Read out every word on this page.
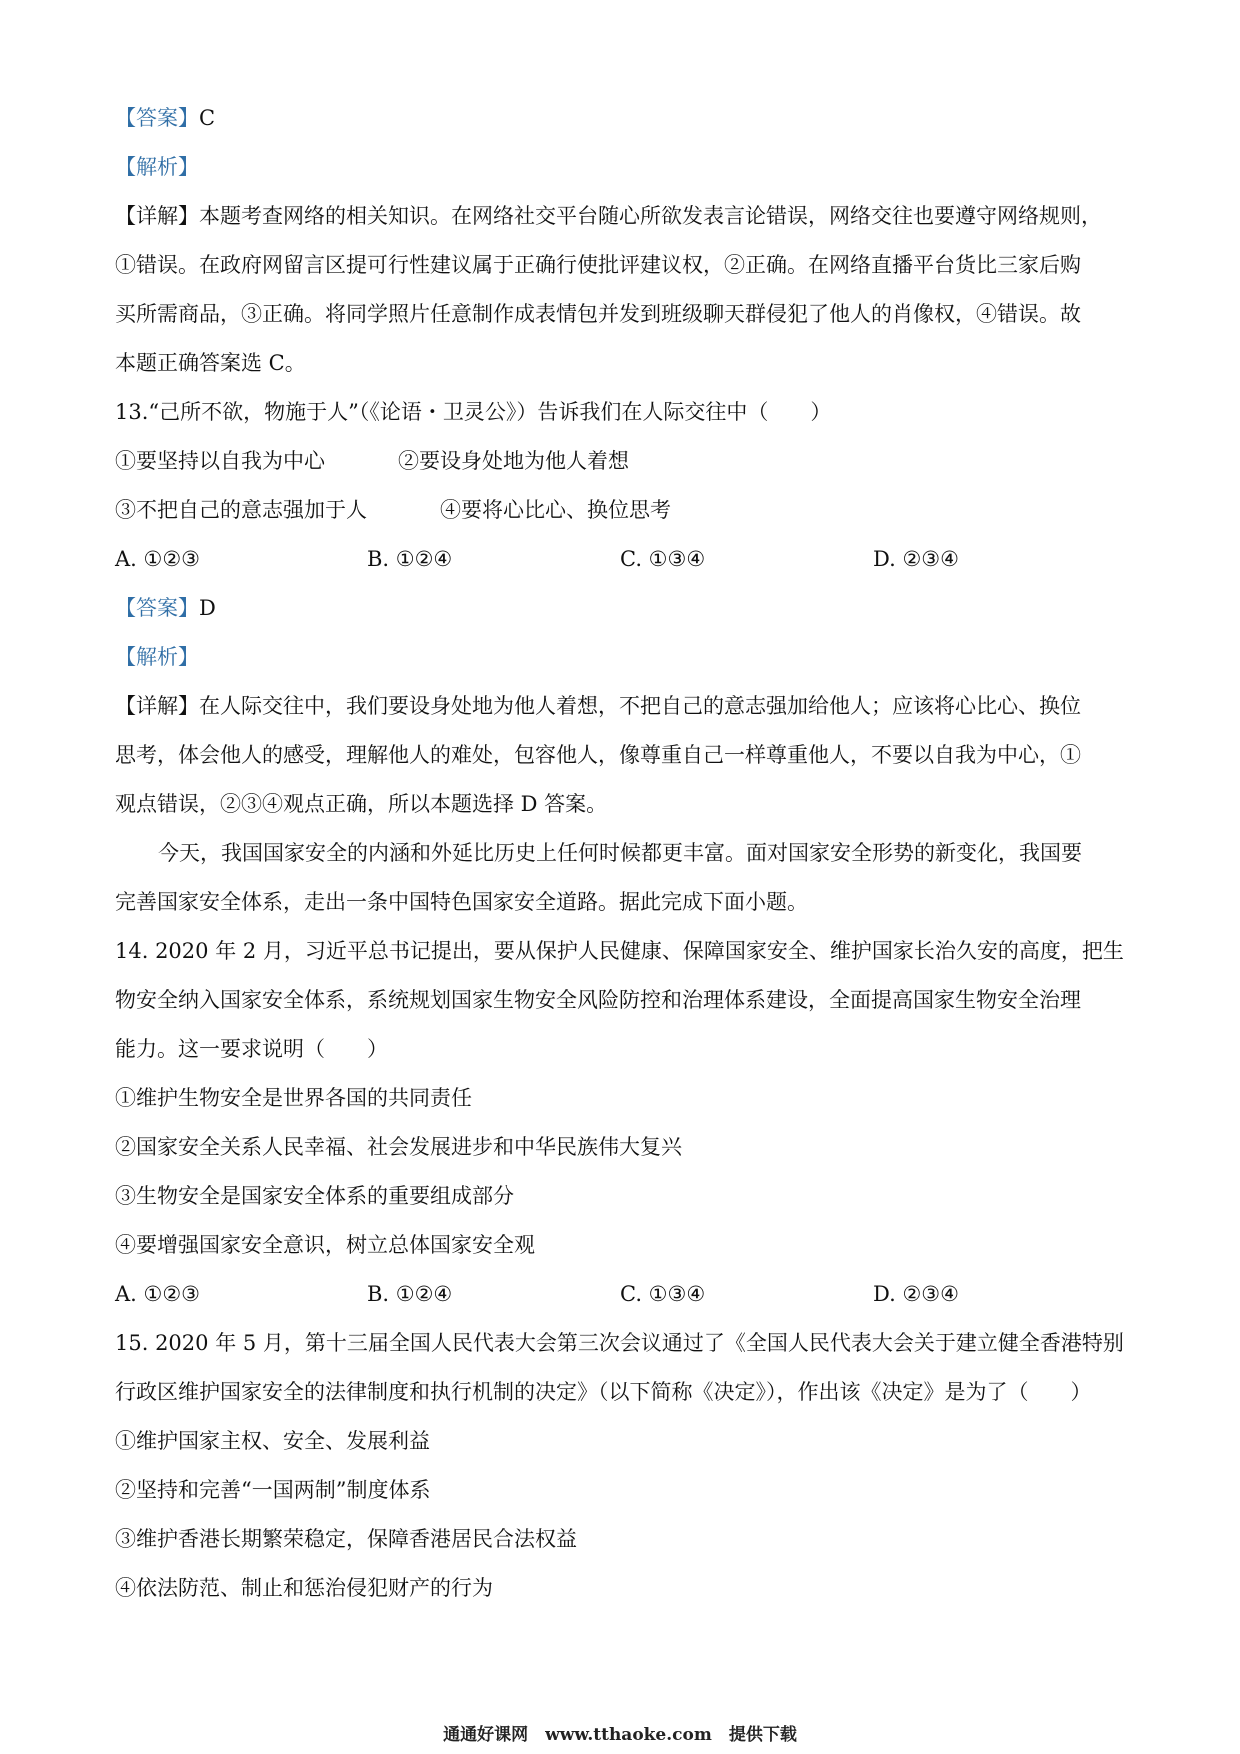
【答案】C
【解析】
【详解】本题考查网络的相关知识。在网络社交平台随心所欲发表言论错误，网络交往也要遵守网络规则，
①错误。在政府网留言区提可行性建议属于正确行使批评建议权，②正确。在网络直播平台货比三家后购
买所需商品，③正确。将同学照片任意制作成表情包并发到班级聊天群侵犯了他人的肖像权，④错误。故
本题正确答案选 C。
13.“己所不欲，物施于人”（《论语・卫灵公》）告诉我们在人际交往中（　　）
①要坚持以自我为中心	②要设身处地为他人着想
③不把自己的意志强加于人	④要将心比心、换位思考
A. ①②③	B. ①②④	C. ①③④	D. ②③④
【答案】D
【解析】
【详解】在人际交往中，我们要设身处地为他人着想，不把自己的意志强加给他人；应该将心比心、换位
思考，体会他人的感受，理解他人的难处，包容他人，像尊重自己一样尊重他人，不要以自我为中心，①
观点错误，②③④观点正确，所以本题选择 D 答案。
今天，我国国家安全的内涵和外延比历史上任何时候都更丰富。面对国家安全形势的新变化，我国要
完善国家安全体系，走出一条中国特色国家安全道路。据此完成下面小题。
14. 2020 年 2 月，习近平总书记提出，要从保护人民健康、保障国家安全、维护国家长治久安的高度，把生
物安全纳入国家安全体系，系统规划国家生物安全风险防控和治理体系建设，全面提高国家生物安全治理
能力。这一要求说明（　　）
①维护生物安全是世界各国的共同责任
②国家安全关系人民幸福、社会发展进步和中华民族伟大复兴
③生物安全是国家安全体系的重要组成部分
④要增强国家安全意识，树立总体国家安全观
A. ①②③	B. ①②④	C. ①③④	D. ②③④
15. 2020 年 5 月，第十三届全国人民代表大会第三次会议通过了《全国人民代表大会关于建立健全香港特别
行政区维护国家安全的法律制度和执行机制的决定》（以下简称《决定》），作出该《决定》是为了（　　）
①维护国家主权、安全、发展利益
②坚持和完善“一国两制”制度体系
③维护香港长期繁荣稳定，保障香港居民合法权益
④依法防范、制止和惩治侵犯财产的行为
通通好课网　www.tthaoke.com　提供下载
